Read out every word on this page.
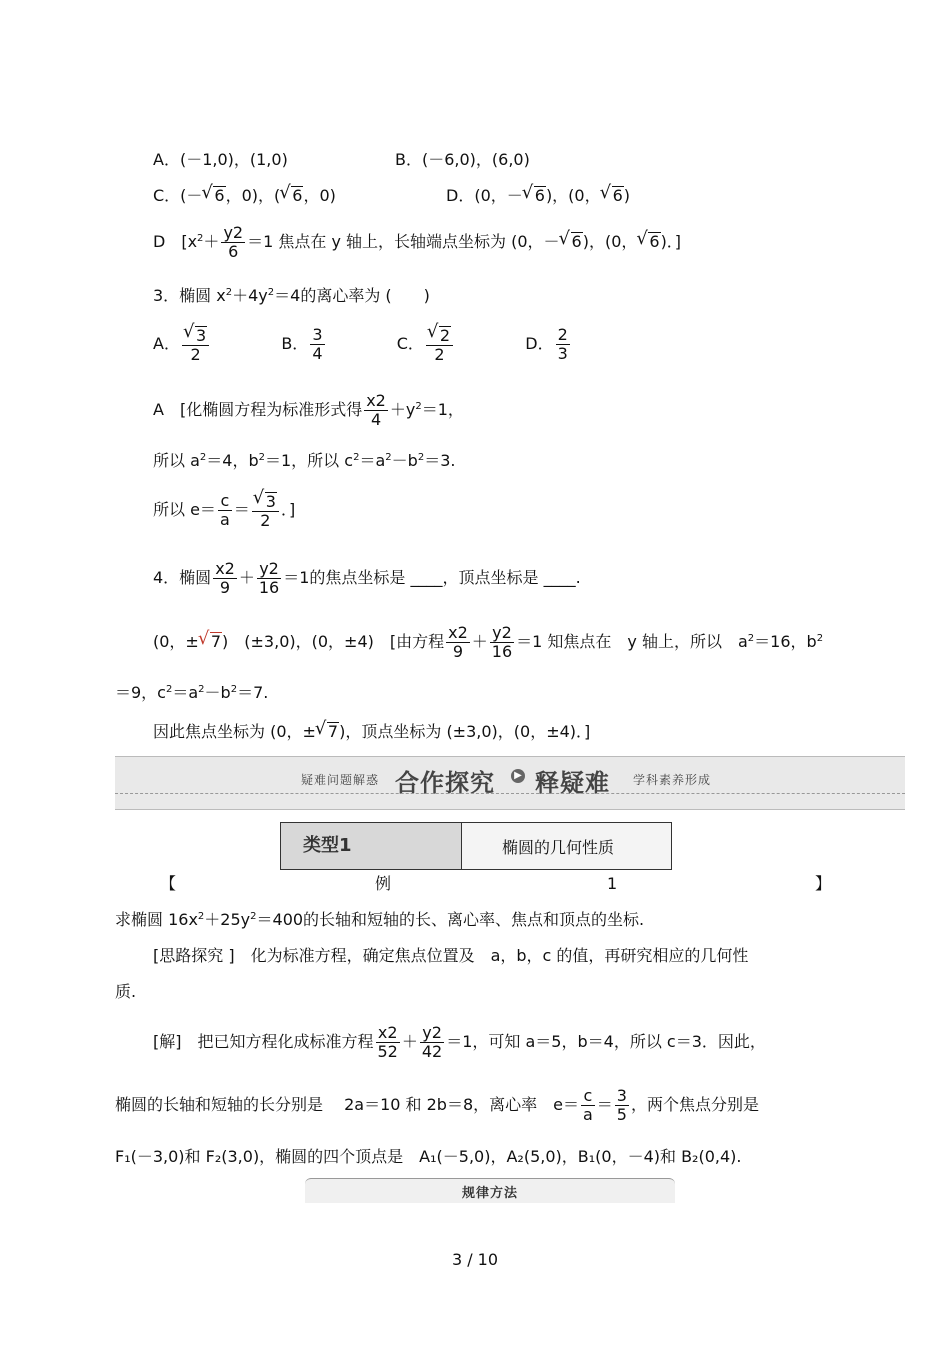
A．(－1,0)，(1,0)	B．(－6,0)，(6,0)
C．(－ √ 6，0)，( √ 6，0)	D．(0，－ √ 6)，(0， √ 6)
D　[$x^2+ \frac{y2}{6} =1$ 焦点在 y 轴上，长轴端点坐标为 (0，－ √ 6)，(0， √ 6)．]
3．椭圆 $x^2+4y^2=4$的离心率为 (　　)
A． √ $\frac{3}{2}$	B． $\frac{3}{4}$	C． √ $\frac{2}{2}$	D． $\frac{2}{3}$
A　[化椭圆方程为标准形式得 $\frac{x2}{4} +y^2=1$，
所以 $a^2=4$，$b^2=1$，所以 $c^2=a^2-b^2=3$.
所以 $e= \frac{c}{a}$ ＝ √ $\frac{3}{2}$ ．]
4．椭圆 $\frac{x2}{9} + \frac{y2}{16} =1$的焦点坐标是 ____，顶点坐标是 ____.
(0，± √ 7)　(±3,0)，(0，±4)　[由方程 $\frac{x2}{9} + \frac{y2}{16} =1$ 知焦点在　y 轴上，所以　$a^2=16$，$b^2$
＝9，$c^2=a^2-b^2=7$.
因此焦点坐标为 (0，± √ 7)，顶点坐标为 (±3,0)，(0，±4)．]
疑难问题解惑 合作探究	▶ 释疑难 学科素养形成
类型1	椭圆的几何性质
【	例	1	】
求椭圆 $16x^2+25y^2=400$的长轴和短轴的长、离心率、焦点和顶点的坐标.
[思路探究 ]　化为标准方程，确定焦点位置及　a，b，c 的值，再研究相应的几何性
质.
[解]　把已知方程化成标准方程 $\frac{x2}{52} + \frac{y2}{42} =1$，可知 a＝5，b＝4，所以 c＝3．因此，
椭圆的长轴和短轴的长分别是　 2a＝10 和 2b＝8，离心率　$e= \frac{c}{a} = \frac{3}{5}$ ，两个焦点分别是
F₁(－3,0)和 F₂(3,0)，椭圆的四个顶点是　A₁(－5,0)，A₂(5,0)，B₁(0，－4)和 B₂(0,4).
规律方法
3 / 10
